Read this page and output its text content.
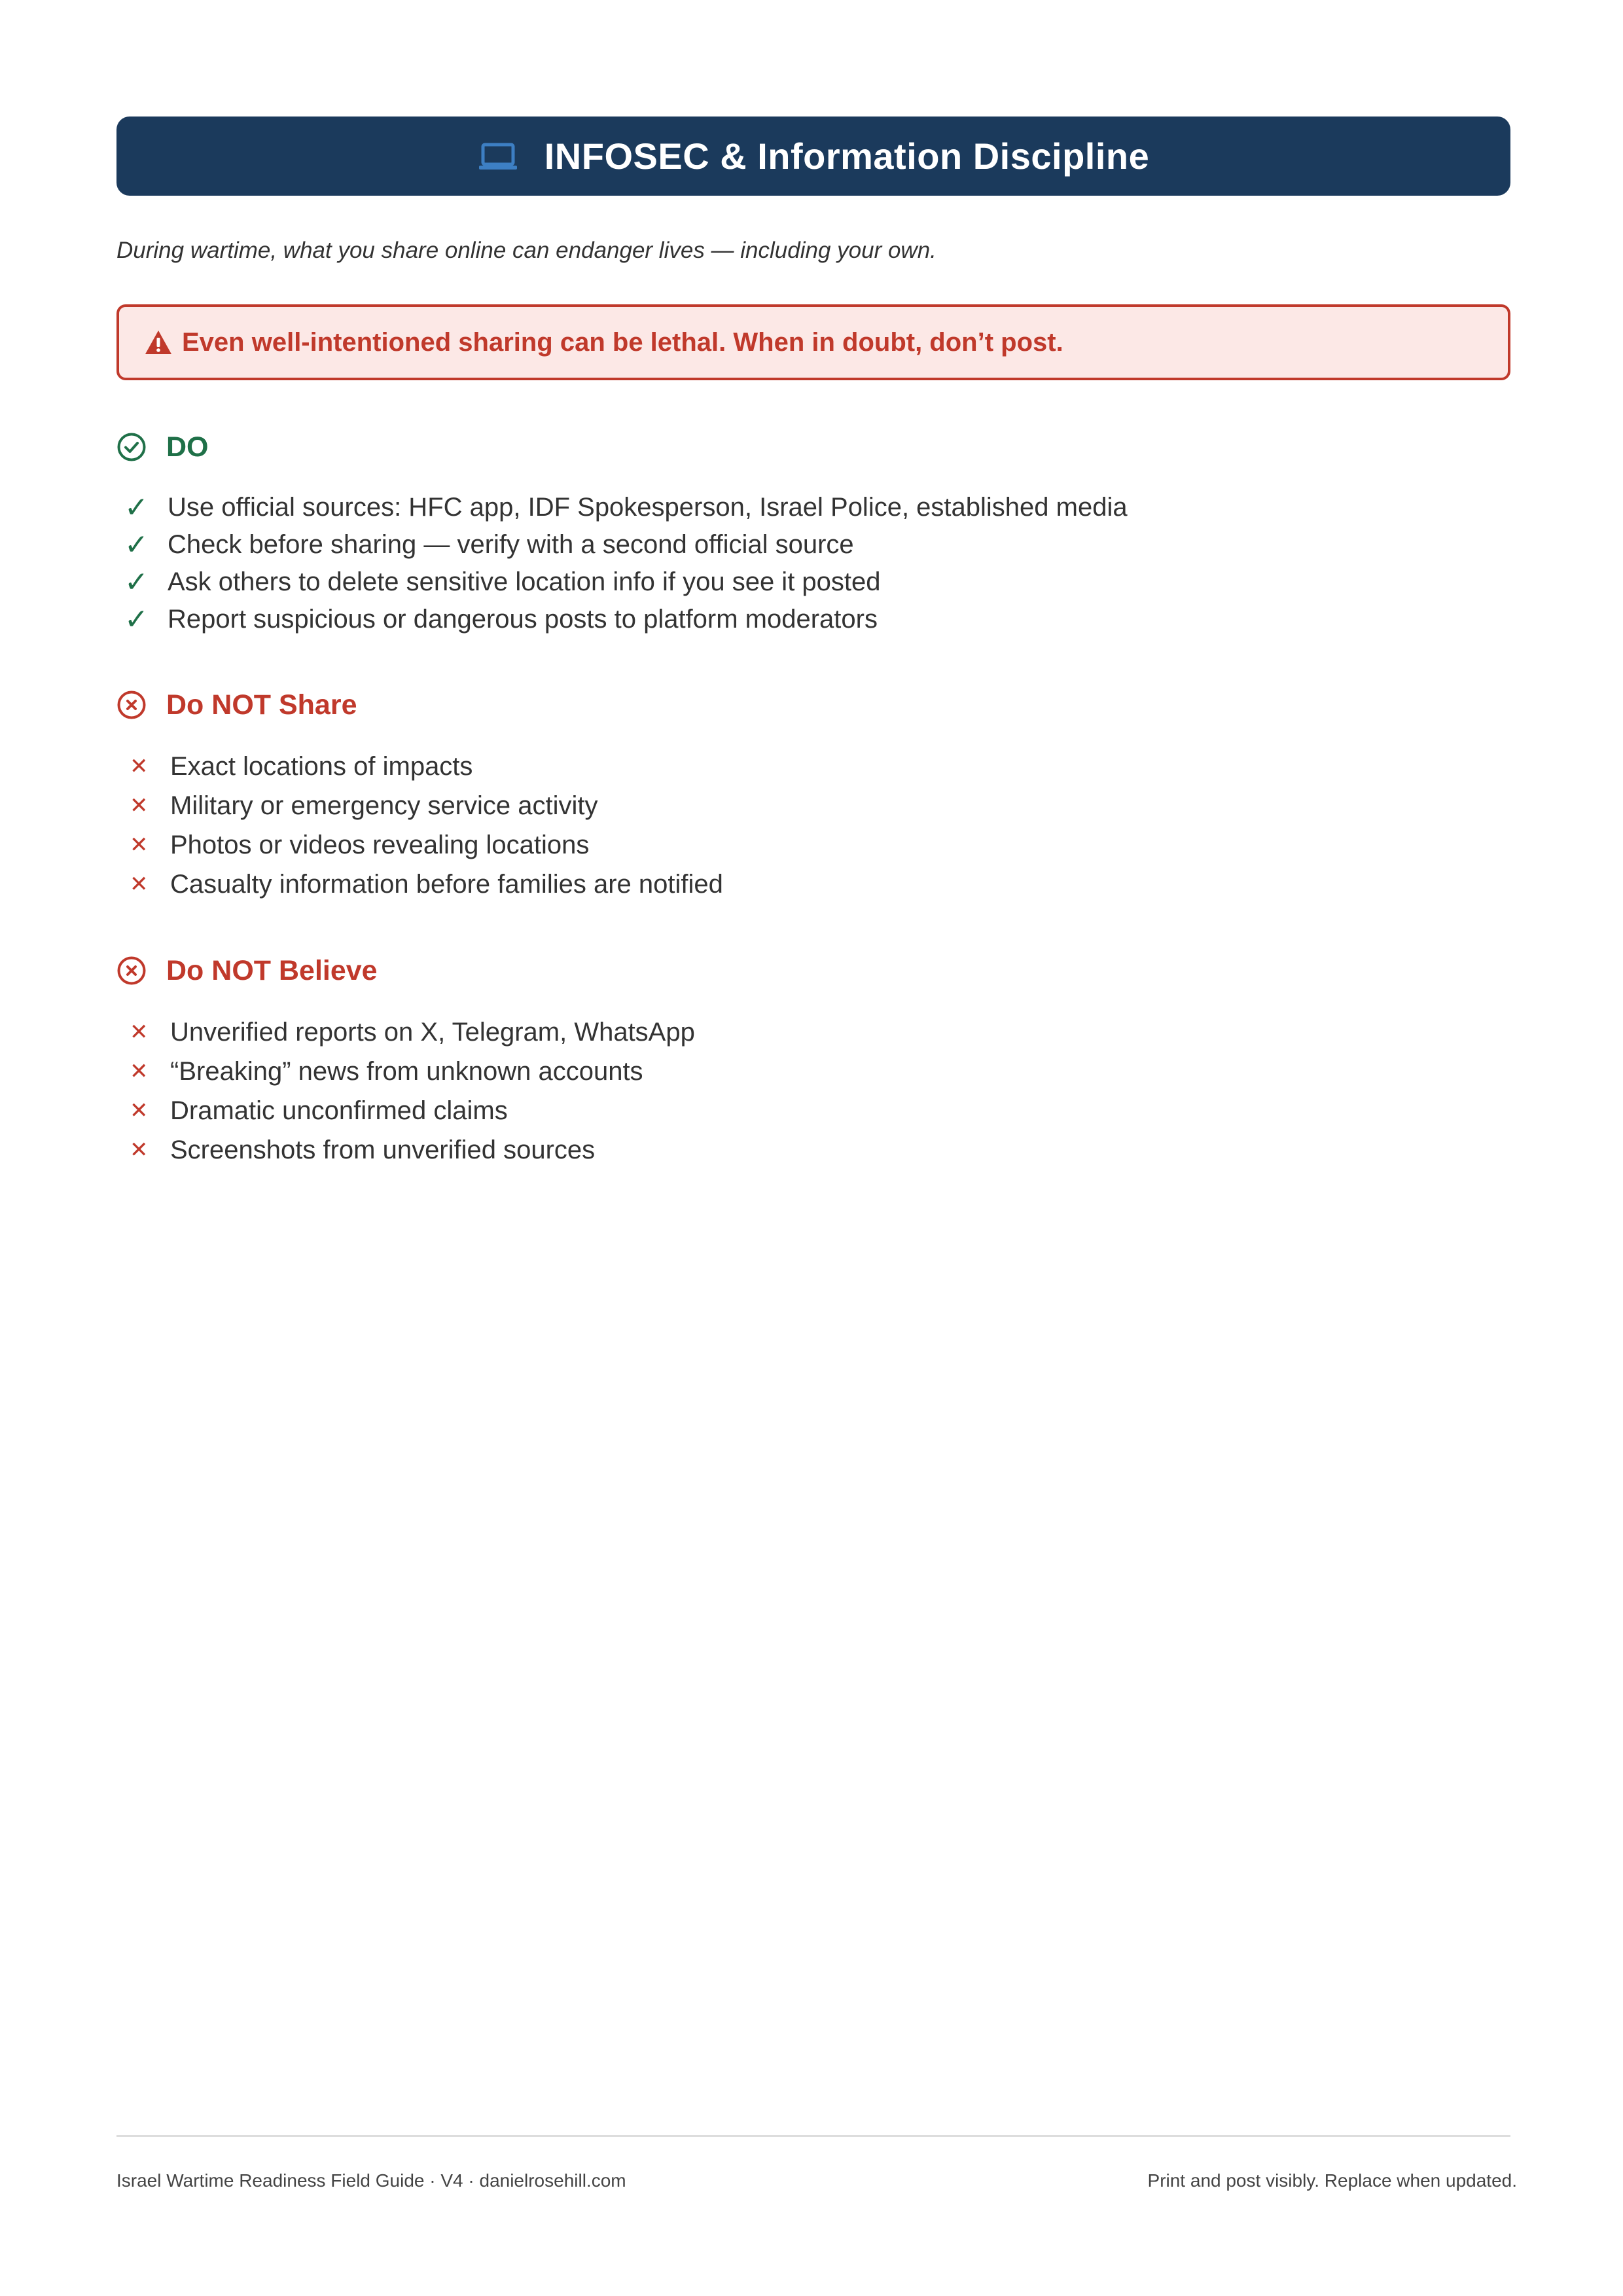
INFOSEC & Information Discipline
During wartime, what you share online can endanger lives — including your own.
Even well-intentioned sharing can be lethal. When in doubt, don’t post.
DO
✓ Use official sources: HFC app, IDF Spokesperson, Israel Police, established media
✓ Check before sharing — verify with a second official source
✓ Ask others to delete sensitive location info if you see it posted
✓ Report suspicious or dangerous posts to platform moderators
Do NOT Share
✕ Exact locations of impacts
✕ Military or emergency service activity
✕ Photos or videos revealing locations
✕ Casualty information before families are notified
Do NOT Believe
✕ Unverified reports on X, Telegram, WhatsApp
✕ “Breaking” news from unknown accounts
✕ Dramatic unconfirmed claims
✕ Screenshots from unverified sources
Israel Wartime Readiness Field Guide · V4 · danielrosehill.com	Print and post visibly. Replace when updated.
